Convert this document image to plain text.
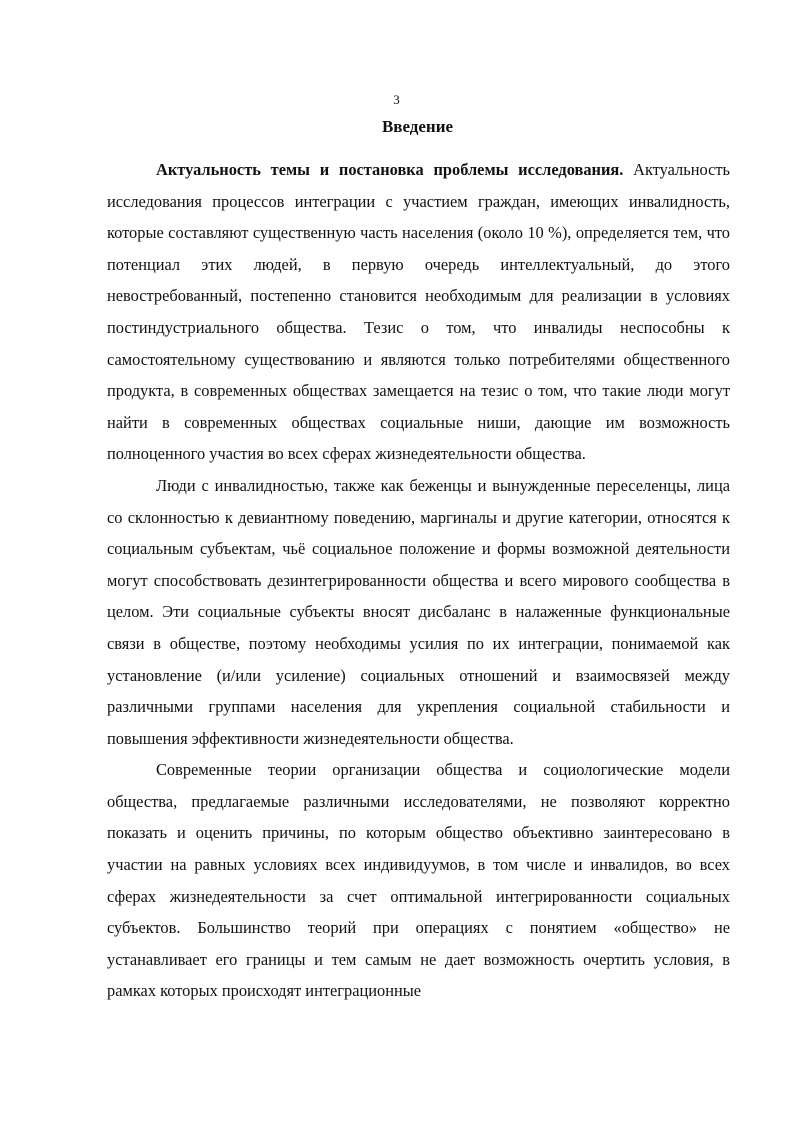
3
Введение

Актуальность темы и постановка проблемы исследования. Актуальность исследования процессов интеграции с участием граждан, имеющих инвалидность, которые составляют существенную часть населения (около 10 %), определяется тем, что потенциал этих людей, в первую очередь интеллектуальный, до этого невостребованный, постепенно становится необходимым для реализации в условиях постиндустриального общества. Тезис о том, что инвалиды неспособны к самостоятельному существованию и являются только потребителями общественного продукта, в современных обществах замещается на тезис о том, что такие люди могут найти в современных обществах социальные ниши, дающие им возможность полноценного участия во всех сферах жизнедеятельности общества.

Люди с инвалидностью, также как беженцы и вынужденные переселенцы, лица со склонностью к девиантному поведению, маргиналы и другие категории, относятся к социальным субъектам, чьё социальное положение и формы возможной деятельности могут способствовать дезинтегрированности общества и всего мирового сообщества в целом. Эти социальные субъекты вносят дисбаланс в налаженные функциональные связи в обществе, поэтому необходимы усилия по их интеграции, понимаемой как установление (и/или усиление) социальных отношений и взаимосвязей между различными группами населения для укрепления социальной стабильности и повышения эффективности жизнедеятельности общества.

Современные теории организации общества и социологические модели общества, предлагаемые различными исследователями, не позволяют корректно показать и оценить причины, по которым общество объективно заинтересовано в участии на равных условиях всех индивидуумов, в том числе и инвалидов, во всех сферах жизнедеятельности за счет оптимальной интегрированности социальных субъектов. Большинство теорий при операциях с понятием «общество» не устанавливает его границы и тем самым не дает возможность очертить условия, в рамках которых происходят интеграционные
